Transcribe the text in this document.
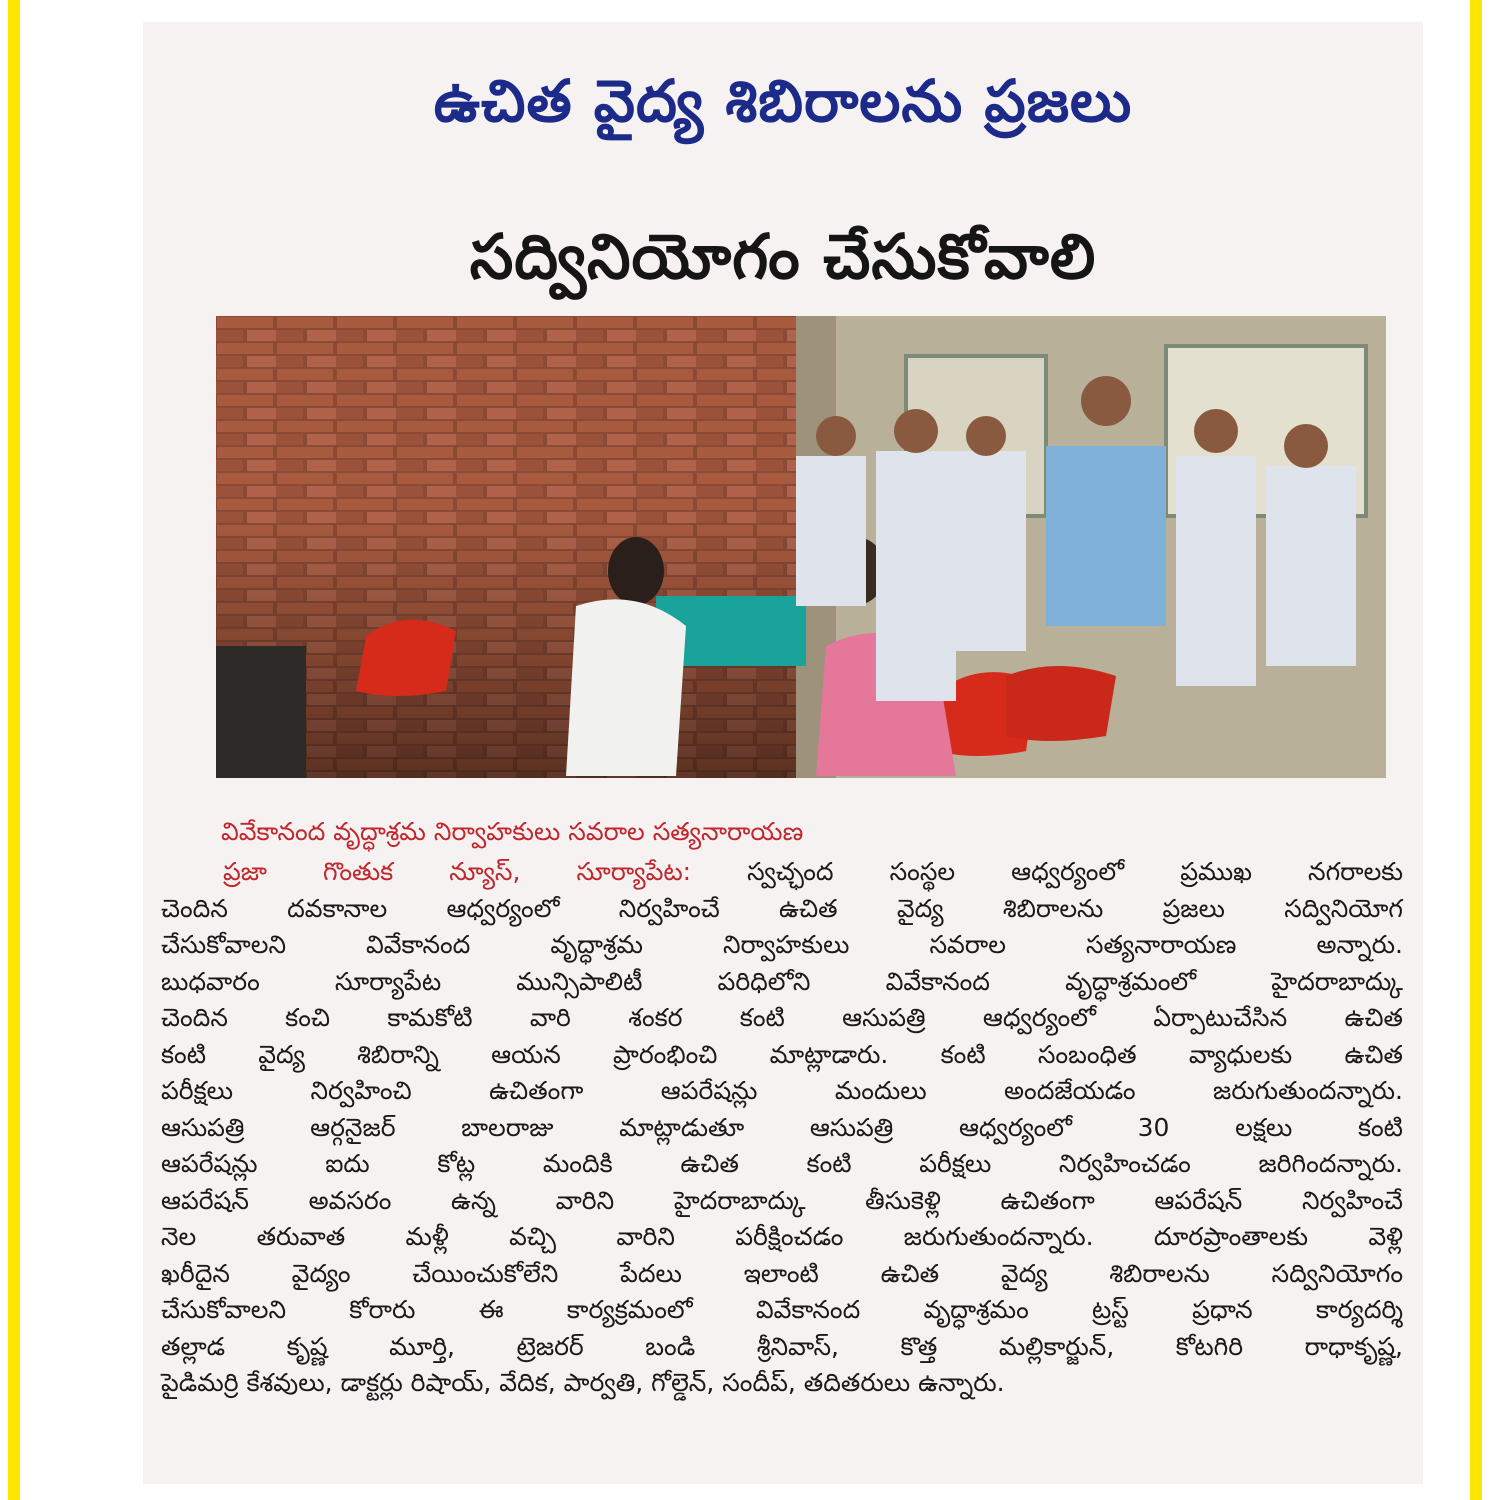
ఉచిత వైద్య శిబిరాలను ప్రజలు
సద్వినియోగం చేసుకోవాలి
వివేకానంద వృద్ధాశ్రమ నిర్వాహకులు సవరాల సత్యనారాయణ
ప్రజా గొంతుక న్యూస్, సూర్యాపేట: స్వచ్ఛంద సంస్థల ఆధ్వర్యంలో ప్రముఖ నగరాలకు
చెందిన దవకానాల ఆధ్వర్యంలో నిర్వహించే ఉచిత వైద్య శిబిరాలను ప్రజలు సద్వినియోగ
చేసుకోవాలని వివేకానంద వృద్ధాశ్రమ నిర్వాహకులు సవరాల సత్యనారాయణ అన్నారు.
బుధవారం సూర్యాపేట మున్సిపాలిటీ పరిధిలోని వివేకానంద వృద్ధాశ్రమంలో హైదరాబాద్కు
చెందిన కంచి కామకోటి వారి శంకర కంటి ఆసుపత్రి ఆధ్వర్యంలో ఏర్పాటుచేసిన ఉచిత
కంటి వైద్య శిబిరాన్ని ఆయన ప్రారంభించి మాట్లాడారు. కంటి సంబంధిత వ్యాధులకు ఉచిత
పరీక్షలు నిర్వహించి ఉచితంగా ఆపరేషన్లు మందులు అందజేయడం జరుగుతుందన్నారు.
ఆసుపత్రి ఆర్గనైజర్ బాలరాజు మాట్లాడుతూ ఆసుపత్రి ఆధ్వర్యంలో 30 లక్షలు కంటి
ఆపరేషన్లు ఐదు కోట్ల మందికి ఉచిత కంటి పరీక్షలు నిర్వహించడం జరిగిందన్నారు.
ఆపరేషన్ అవసరం ఉన్న వారిని హైదరాబాద్కు తీసుకెళ్లి ఉచితంగా ఆపరేషన్ నిర్వహించే
నెల తరువాత మళ్లీ వచ్చి వారిని పరీక్షించడం జరుగుతుందన్నారు. దూరప్రాంతాలకు వెళ్లి
ఖరీదైన వైద్యం చేయించుకోలేని పేదలు ఇలాంటి ఉచిత వైద్య శిబిరాలను సద్వినియోగం
చేసుకోవాలని కోరారు ఈ కార్యక్రమంలో వివేకానంద వృద్ధాశ్రమం ట్రస్ట్ ప్రధాన కార్యదర్శి
తల్లాడ కృష్ణ మూర్తి, ట్రెజరర్ బండి శ్రీనివాస్, కొత్త మల్లికార్జున్, కోటగిరి రాధాకృష్ణ,
పైడిమర్రి కేశవులు, డాక్టర్లు రిషాయ్, వేదిక, పార్వతి, గోల్డెన్, సందీప్, తదితరులు ఉన్నారు.
